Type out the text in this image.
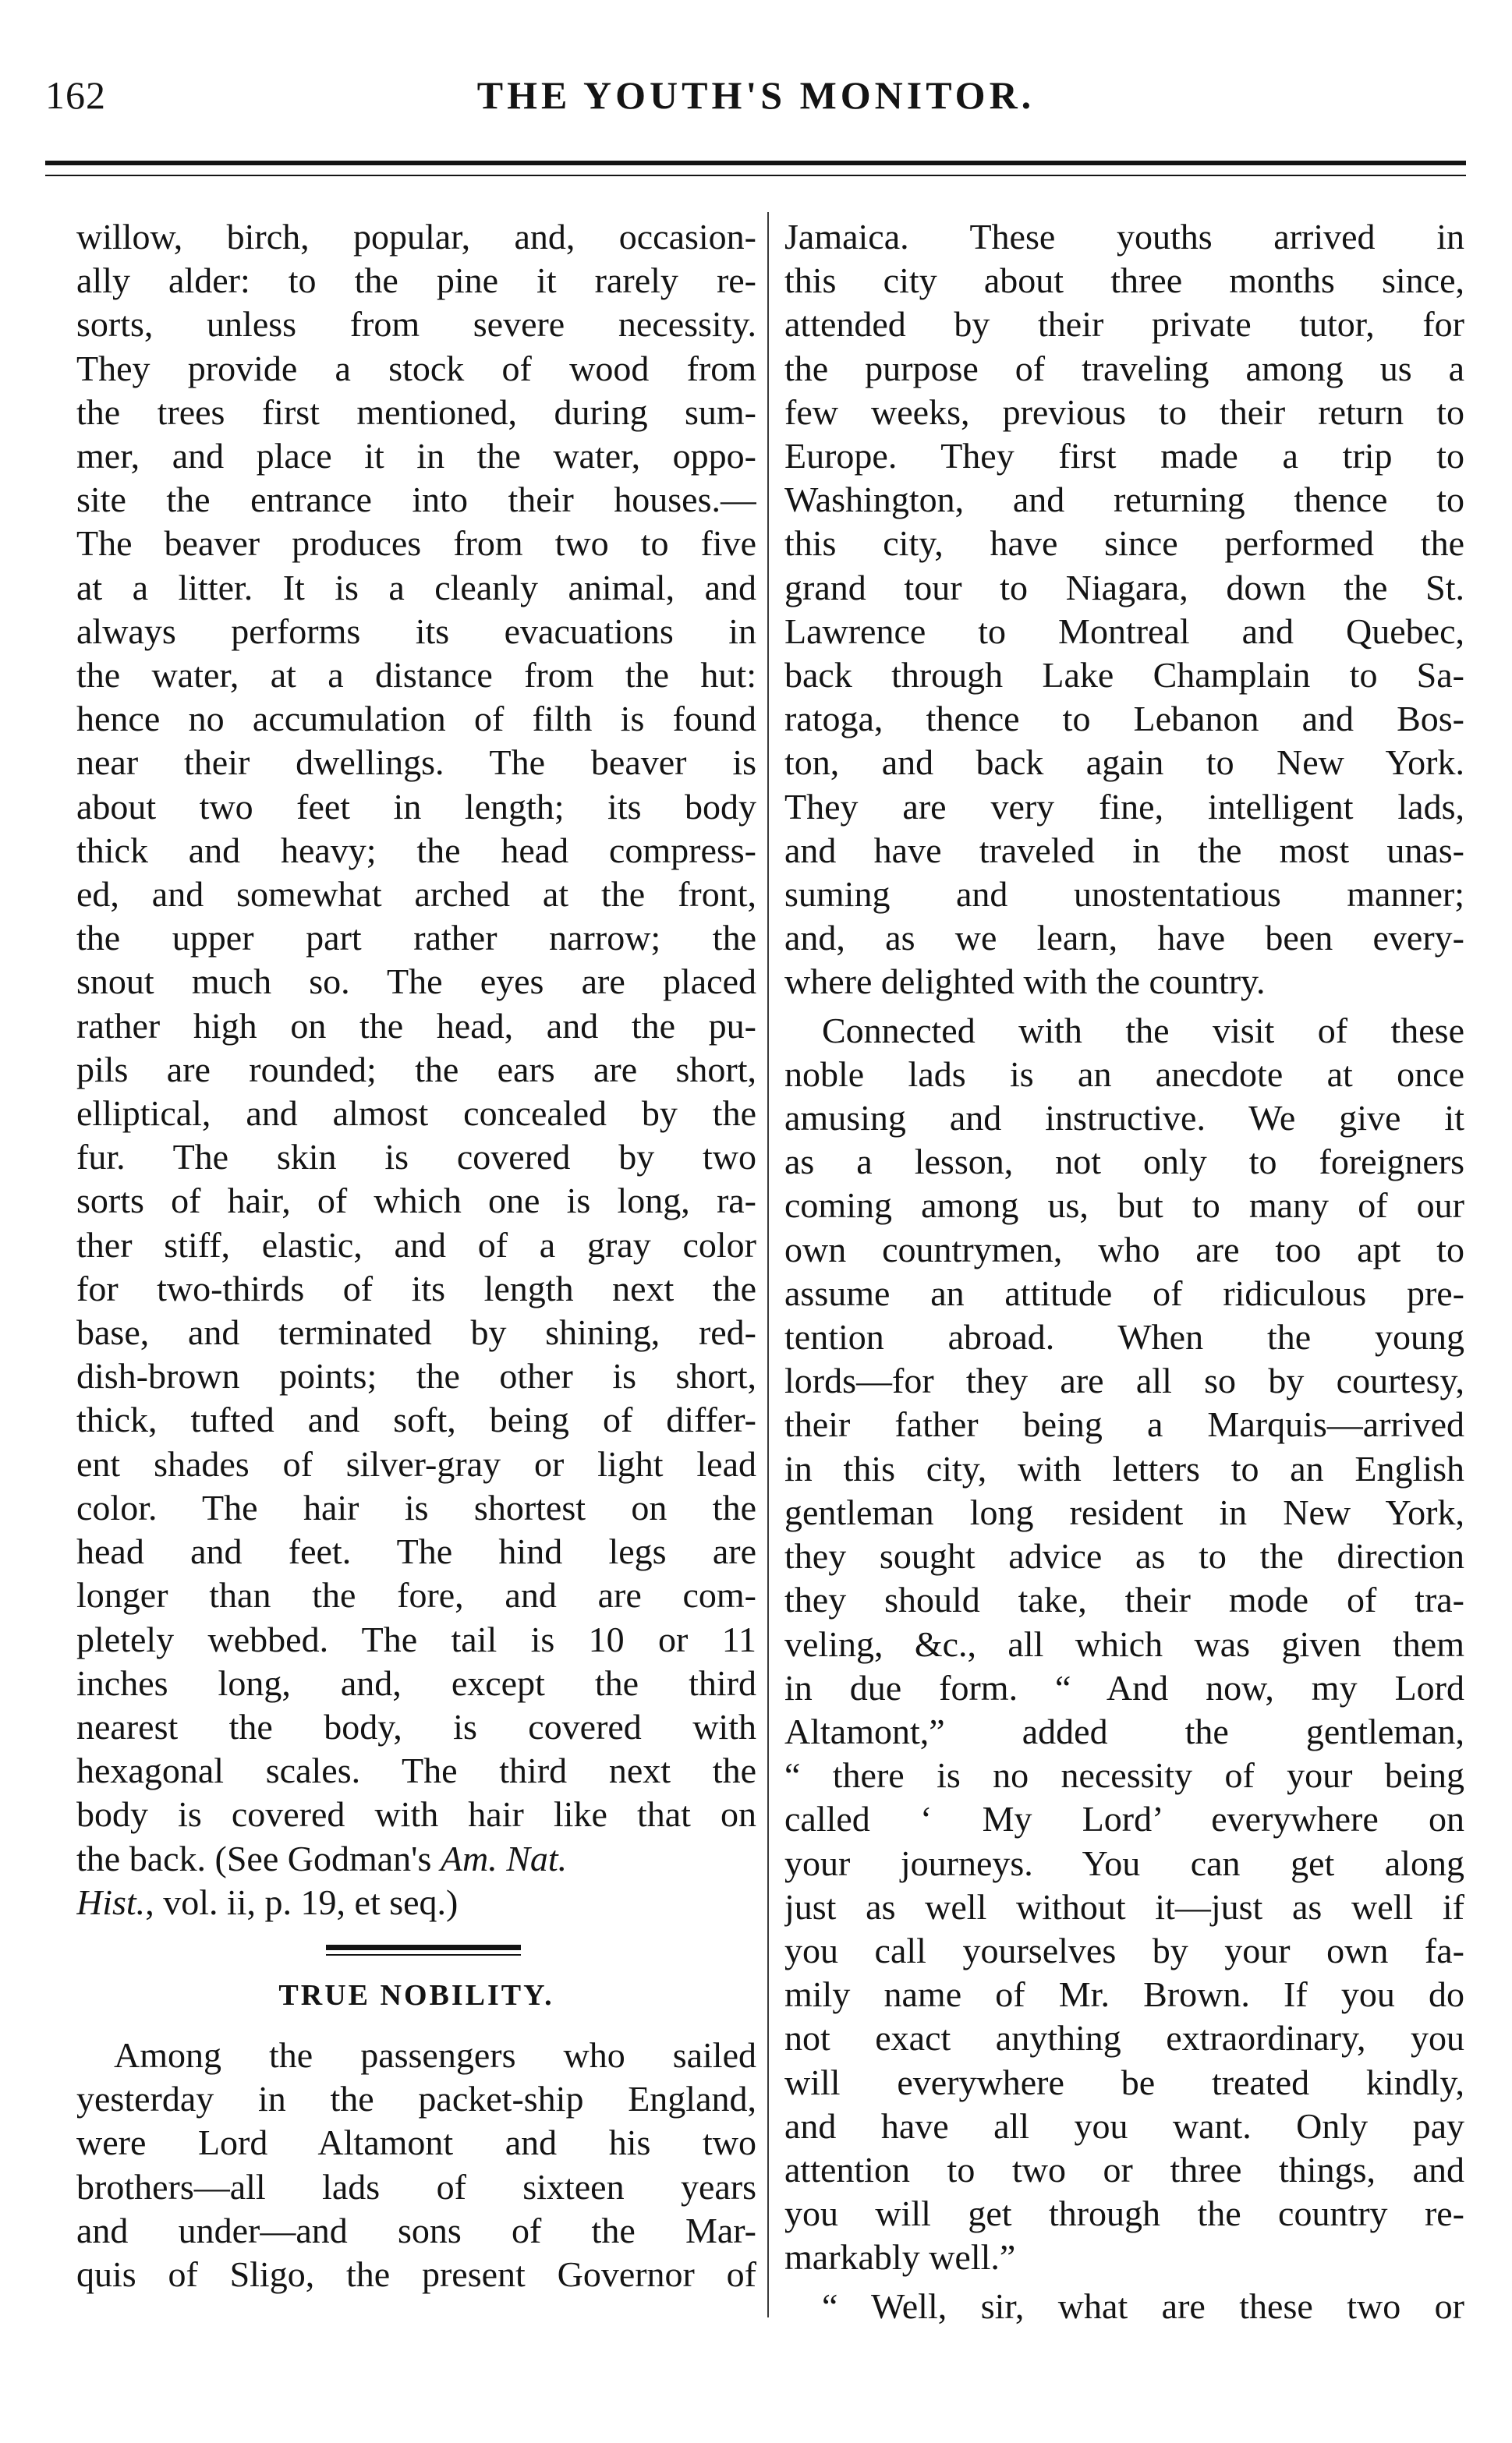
162	THE YOUTH'S MONITOR.
willow, birch, popular, and, occasion-
ally alder: to the pine it rarely re-
sorts, unless from severe necessity.
They provide a stock of wood from
the trees first mentioned, during sum-
mer, and place it in the water, oppo-
site the entrance into their houses.—
The beaver produces from two to five
at a litter. It is a cleanly animal, and
always performs its evacuations in
the water, at a distance from the hut:
hence no accumulation of filth is found
near their dwellings. The beaver is
about two feet in length; its body
thick and heavy; the head compress-
ed, and somewhat arched at the front,
the upper part rather narrow; the
snout much so. The eyes are placed
rather high on the head, and the pu-
pils are rounded; the ears are short,
elliptical, and almost concealed by the
fur. The skin is covered by two
sorts of hair, of which one is long, ra-
ther stiff, elastic, and of a gray color
for two-thirds of its length next the
base, and terminated by shining, red-
dish-brown points; the other is short,
thick, tufted and soft, being of differ-
ent shades of silver-gray or light lead
color. The hair is shortest on the
head and feet. The hind legs are
longer than the fore, and are com-
pletely webbed. The tail is 10 or 11
inches long, and, except the third
nearest the body, is covered with
hexagonal scales. The third next the
body is covered with hair like that on
the back. (See Godman's Am. Nat.
Hist., vol. ii, p. 19, et seq.)
TRUE NOBILITY.
Among the passengers who sailed
yesterday in the packet-ship England,
were Lord Altamont and his two
brothers—all lads of sixteen years
and under—and sons of the Mar-
quis of Sligo, the present Governor of
Jamaica. These youths arrived in
this city about three months since,
attended by their private tutor, for
the purpose of traveling among us a
few weeks, previous to their return to
Europe. They first made a trip to
Washington, and returning thence to
this city, have since performed the
grand tour to Niagara, down the St.
Lawrence to Montreal and Quebec,
back through Lake Champlain to Sa-
ratoga, thence to Lebanon and Bos-
ton, and back again to New York.
They are very fine, intelligent lads,
and have traveled in the most unas-
suming and unostentatious manner;
and, as we learn, have been every-
where delighted with the country.
Connected with the visit of these
noble lads is an anecdote at once
amusing and instructive. We give it
as a lesson, not only to foreigners
coming among us, but to many of our
own countrymen, who are too apt to
assume an attitude of ridiculous pre-
tention abroad. When the young
lords—for they are all so by courtesy,
their father being a Marquis—arrived
in this city, with letters to an English
gentleman long resident in New York,
they sought advice as to the direction
they should take, their mode of tra-
veling, &c., all which was given them
in due form. “ And now, my Lord
Altamont,” added the gentleman,
“ there is no necessity of your being
called ‘ My Lord’ everywhere on
your journeys. You can get along
just as well without it—just as well if
you call yourselves by your own fa-
mily name of Mr. Brown. If you do
not exact anything extraordinary, you
will everywhere be treated kindly,
and have all you want. Only pay
attention to two or three things, and
you will get through the country re-
markably well.”
“ Well, sir, what are these two or
